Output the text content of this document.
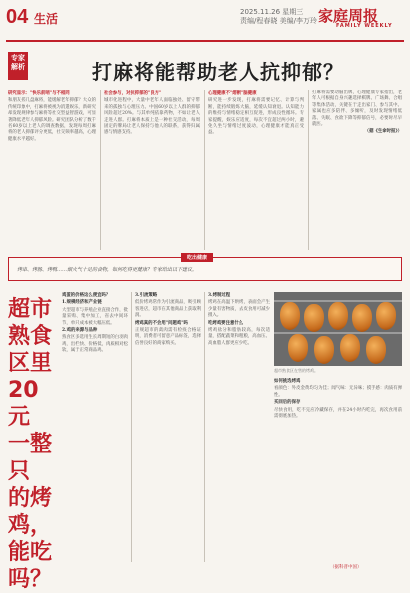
04 生活	2025.11.26 星期三
责编/程春晓 美编/李万玲 家庭周报
FAMILY WEEKLY
专家解析	打麻将能帮助老人抗抑郁？
研究显示："快乐前哨"与不相同
和朋友搓几盘麻将，能缓解老年抑郁？大众的传统印象中，打麻将被视为消遣娱乐，新研究却发现规律参与麻将等社交型益智游戏，可显著降低老年人抑郁风险。研究团队分析了数千名60岁以上老人的调查数据，发现每周打麻将的老人抑郁评分更低，社交频率越高，心理健康水平越好。
社会参与，对抗抑郁的"良方"
城市化进程中，大量中老年人面临独处、留守带来的孤独与心理压力。中国60岁以上人群的抑郁风险超过20%。与其单纯依靠药物，不如让老人走进人群。打麻将本质上是一种社交活动，每周固定的牌局让老人保持与他人的联系，获得归属感与情感支持。
心理健康不"熔断"脑健康
研究进一步发现，打麻将需要记忆、计算与判断，能持续锻炼大脑，延缓认知衰退。认知能力的维持与情绪稳定相互促进，形成良性循环。专家提醒，娱乐应适度，每次不宜超过两小时，避免久坐与情绪过度波动，心理健康才能真正受益。
打麻将需要动脑出牌，心理健康专家指出，老年人可根据自身兴趣选择棋牌、广场舞、合唱等集体活动，关键在于走出家门、参与其中。家属也应多陪伴、多倾听，及时发现情绪低落、失眠、食欲下降等抑郁信号，必要时尽早就医。
（据《生命时报》）
吃出健康
烤串、烤肠、烤鸭……烟火气十足的食物，如何吃得更健康？专家给出以下建议。
超市
熟食
区里
20元
一整只
的烤
鸡，
能吃
吗？
鸡蛋的价格这么便宜吗？
1.规模经济和产业链
大型超市与养殖企业直接合作，批量采购、集中加工，省去中间环节，单只成本被大幅压低。
2.鸡的来源与品种
熟食区多选用生长周期短的白羽肉鸡，出栏快、价格低，肉质相对松软，属于正常商品鸡。
3.引流策略
低价烤鸡常作为引流商品，吸引顾客进店，超市在其他商品上获取利润。
烤鸡真的不会用"问题鸡"吗
正规超市的禽肉需有检疫合格证明，消费者可留意产品标签，选择信誉良好的商家购买。
3.烤制过程
烤鸡在高温下烘烤，表面会产生少量有害物质，去皮食用可减少摄入。
吃烤鸡要注意什么
烤鸡盐分和脂肪较高，每次适量，搭配蔬菜和粗粮，高血压、高血脂人群更应少吃。
超市熟食区在售的烤鸡。
如何挑选烤鸡
看颜色：外皮金黄均匀为佳；闻气味：无异味；摸手感：肉质有弹性。
买回后的保存
尽快食用，吃不完应冷藏保存，并在24小时内吃完，再次食用前需彻底加热。
（据科普中国）
